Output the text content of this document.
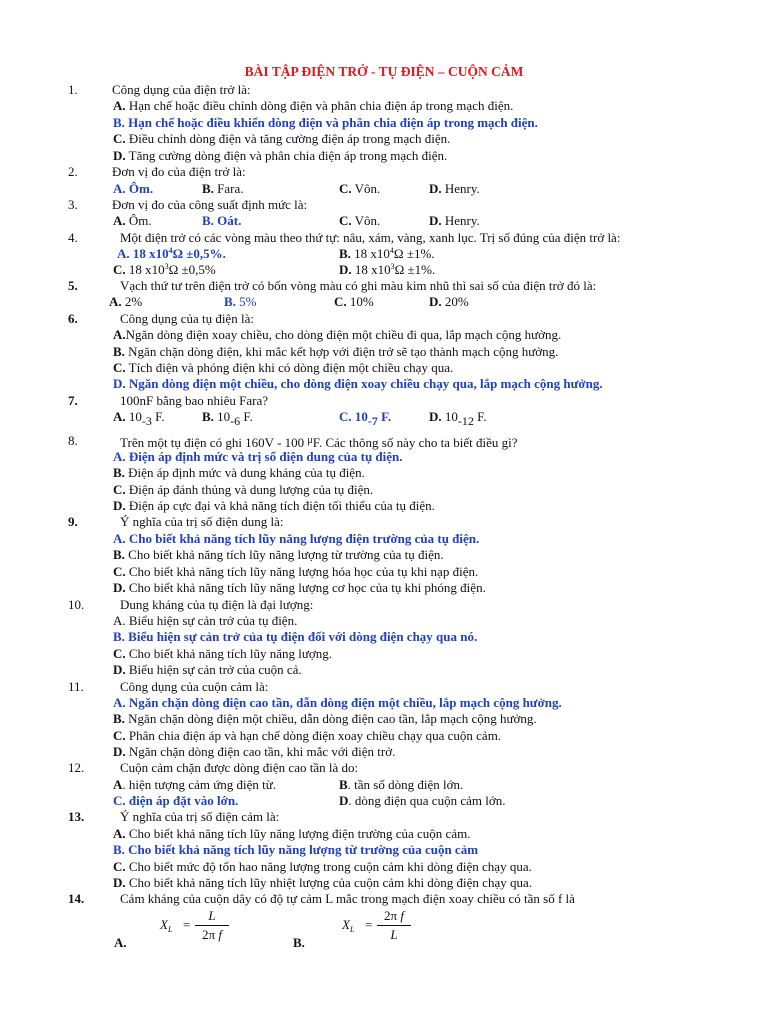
BÀI TẬP ĐIỆN TRỞ - TỤ ĐIỆN – CUỘN CẢM
1.	Công dụng của điện trở là:
A. Hạn chế hoặc điều chỉnh dòng điện và phân chia điện áp trong mạch điện.
B. Hạn chế hoặc điều khiển dòng điện và phân chia điện áp trong mạch điện.
C. Điều chỉnh dòng điện và tăng cường điện áp trong mạch điện.
D. Tăng cường dòng điện và phân chia điện áp trong mạch điện.
2.	Đơn vị đo của điện trở là:
A. Ôm.	B. Fara.	C. Vôn.	D. Henry.
3.	Đơn vị đo của công suất định mức là:
A. Ôm.	B. Oát.	C. Vôn.	D. Henry.
4.	Một điện trở có các vòng màu theo thứ tự: nâu, xám, vàng, xanh lục. Trị số đúng của điện trở là:
A. 18 $x10^4\Omega \pm 0,5\%$.	B. 18 $x10^4\Omega \pm 1\%$.
C. 18 $x10^3\Omega \pm 0,5\%$	D. 18 $x10^3\Omega \pm 1\%$.
5.	Vạch thứ tư trên điện trở có bốn vòng màu có ghi màu kim nhũ thì sai số của điện trở đó là:
A. 2%	B. 5%	C. 10%	D. 20%
6.	Công dụng của tụ điện là:
A.Ngăn dòng điện xoay chiều, cho dòng điện một chiều đi qua, lắp mạch cộng hưởng.
B. Ngăn chặn dòng điện, khi mắc kết hợp với điện trở sẽ tạo thành mạch cộng hưởng.
C. Tích điện và phóng điện khi có dòng điện một chiều chạy qua.
D. Ngăn dòng điện một chiều, cho dòng điện xoay chiều chạy qua, lắp mạch cộng hưởng.
7.	100nF bằng bao nhiêu Fara?
A. $10_{-3}$ F.	B. $10_{-6}$ F.	C. $10_{-7}$ F.	D. $10_{-12}$ F.
8.	Trên một tụ điện có ghi 160V - 100 $^\mu$F. Các thông số này cho ta biết điều gì?
A. Điện áp định mức và trị số điện dung của tụ điện.
B. Điện áp định mức và dung kháng của tụ điện.
C. Điện áp đánh thủng và dung lượng của tụ điện.
D. Điện áp cực đại và khả năng tích điện tối thiểu của tụ điện.
9.	Ý nghĩa của trị số điện dung là:
A. Cho biết khả năng tích lũy năng lượng điện trường của tụ điện.
B. Cho biết khả năng tích lũy năng lượng từ trường của tụ điện.
C. Cho biết khả năng tích lũy năng lượng hóa học của tụ khi nạp điện.
D. Cho biết khả năng tích lũy năng lượng cơ học của tụ khi phóng điện.
10.	Dung kháng của tụ điện là đại lượng:
A. Biểu hiện sự cản trở của tụ điện.
B. Biểu hiện sự cản trở của tụ điện đối với dòng điện chạy qua nó.
C. Cho biết khả năng tích lũy năng lượng.
D. Biểu hiện sự cản trở của cuộn cả.
11.	Công dụng của cuộn cảm là:
A. Ngăn chặn dòng điện cao tần, dẫn dòng điện một chiều, lắp mạch cộng hưởng.
B. Ngăn chặn dòng điện một chiều, dẫn dòng điện cao tần, lắp mạch cộng hưởng.
C. Phân chia điện áp và hạn chế dòng điện xoay chiều chạy qua cuộn cảm.
D. Ngăn chặn dòng điện cao tần, khi mắc với điện trở.
12.	Cuộn cảm chặn được dòng điện cao tần là do:
A. hiện tượng cảm ứng điện từ.	B. tần số dòng điện lớn.
C. điện áp đặt vào lớn.	D. dòng điện qua cuộn cảm lớn.
13.	Ý nghĩa của trị số điện cảm là:
A. Cho biết khả năng tích lũy năng lượng điện trường của cuộn cảm.
B. Cho biết khả năng tích lũy năng lượng từ trường của cuộn cảm
C. Cho biết mức độ tổn hao năng lượng trong cuộn cảm khi dòng điện chạy qua.
D. Cho biết khả năng tích lũy nhiệt lượng của cuộn cảm khi dòng điện chạy qua.
14.	Cảm kháng của cuộn dây có độ tự cảm L mắc trong mạch điện xoay chiều có tần số f là
A.
$X_L = \frac{L}{\text{2π f}}$	B.
$X_L = \frac{\text{2π f}}{L}$
